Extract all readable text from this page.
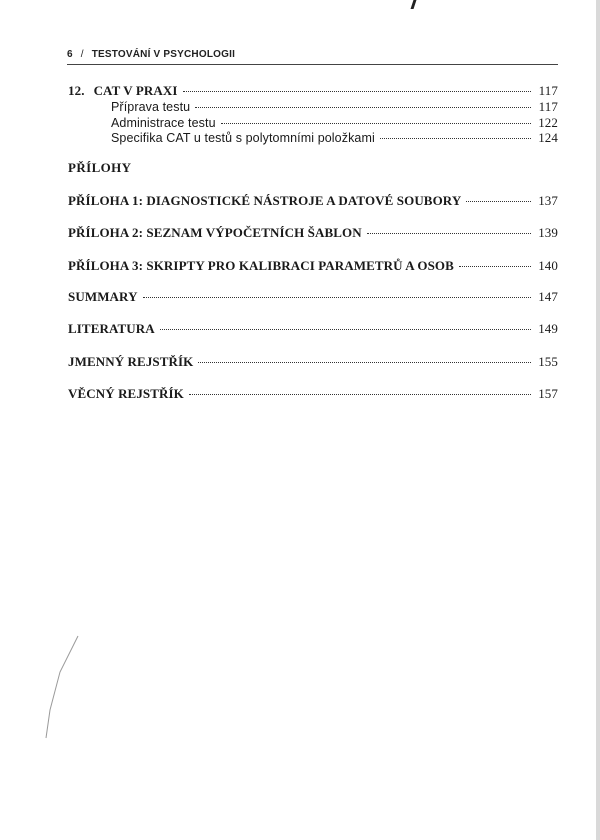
6 / TESTOVÁNÍ V PSYCHOLOGII
12. CAT V PRAXI	117
Příprava testu	117
Administrace testu	122
Specifika CAT u testů s polytomními položkami	124
PŘÍLOHY
PŘÍLOHA 1: DIAGNOSTICKÉ NÁSTROJE A DATOVÉ SOUBORY	137
PŘÍLOHA 2: SEZNAM VÝPOČETNÍCH ŠABLON	139
PŘÍLOHA 3: SKRIPTY PRO KALIBRACI PARAMETRŮ A OSOB	140
SUMMARY	147
LITERATURA	149
JMENNÝ REJSTŘÍK	155
VĚCNÝ REJSTŘÍK	157
